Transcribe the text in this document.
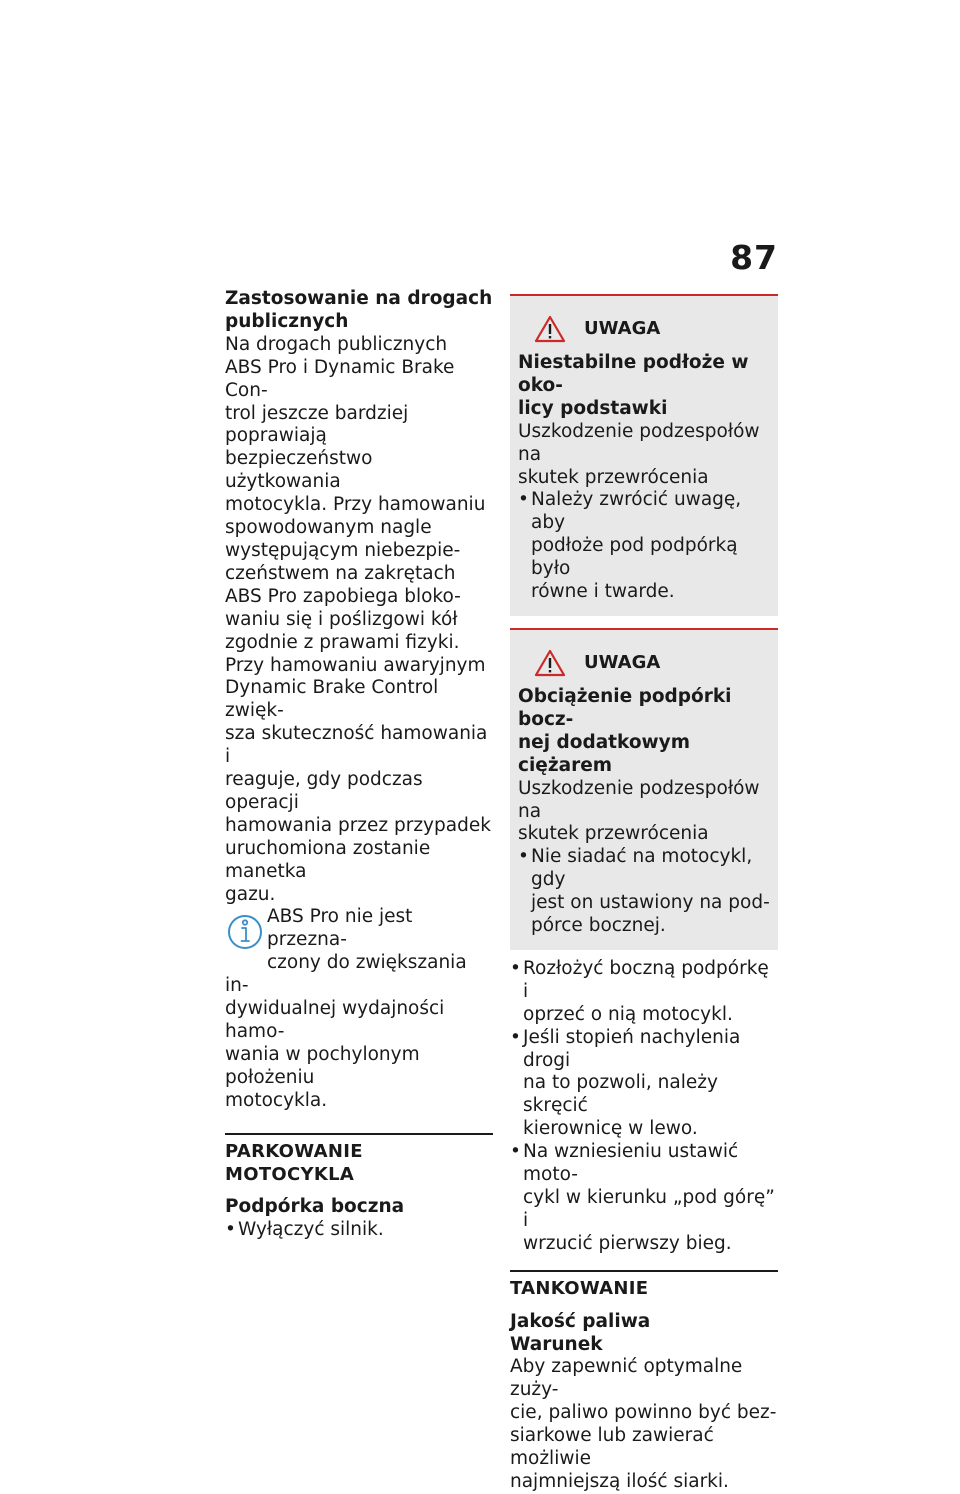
87
Zastosowanie na drogach publicznych
Na drogach publicznych
ABS Pro i Dynamic Brake Con-
trol jeszcze bardziej poprawiają
bezpieczeństwo użytkowania
motocykla. Przy hamowaniu
spowodowanym nagle
występującym niebezpie-
czeństwem na zakrętach
ABS Pro zapobiega bloko-
waniu się i poślizgowi kół
zgodnie z prawami fizyki.
Przy hamowaniu awaryjnym
Dynamic Brake Control zwięk-
sza skuteczność hamowania i
reaguje, gdy podczas operacji
hamowania przez przypadek
uruchomiona zostanie manetka
gazu.
ABS Pro nie jest przezna-
czony do zwiększania in-
dywidualnej wydajności hamo-
wania w pochylonym położeniu
motocykla.
PARKOWANIE MOTOCYKLA
Podpórka boczna
• Wyłączyć silnik.
UWAGA
Niestabilne podłoże w oko-
licy podstawki
Uszkodzenie podzespołów na
skutek przewrócenia
• Należy zwrócić uwagę, aby
podłoże pod podpórką było
równe i twarde.
UWAGA
Obciążenie podpórki bocz-
nej dodatkowym ciężarem
Uszkodzenie podzespołów na
skutek przewrócenia
• Nie siadać na motocykl, gdy
jest on ustawiony na pod-
pórce bocznej.
• Rozłożyć boczną podpórkę i
oprzeć o nią motocykl.
• Jeśli stopień nachylenia drogi
na to pozwoli, należy skręcić
kierownicę w lewo.
• Na wzniesieniu ustawić moto-
cykl w kierunku „pod górę” i
wrzucić pierwszy bieg.
TANKOWANIE
Jakość paliwa
Warunek
Aby zapewnić optymalne zuży-
cie, paliwo powinno być bez-
siarkowe lub zawierać możliwie
najmniejszą ilość siarki.
